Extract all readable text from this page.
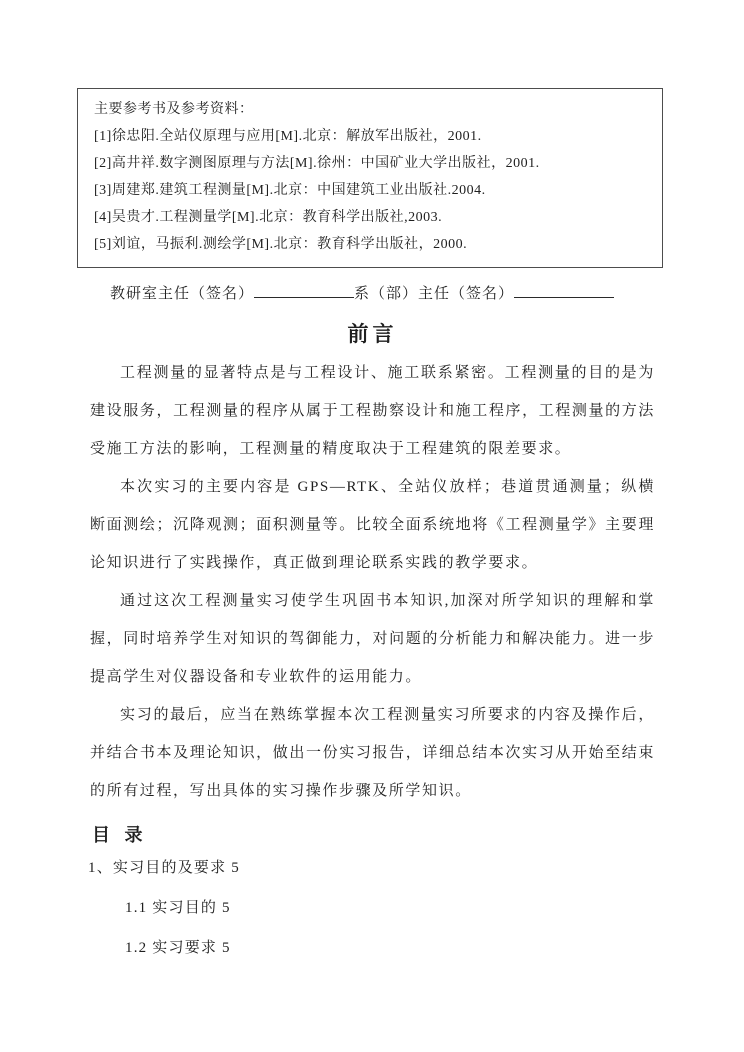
主要参考书及参考资料：
[1]徐忠阳.全站仪原理与应用[M].北京：解放军出版社，2001.
[2]高井祥.数字测图原理与方法[M].徐州：中国矿业大学出版社，2001.
[3]周建郑.建筑工程测量[M].北京：中国建筑工业出版社.2004.
[4]吴贵才.工程测量学[M].北京：教育科学出版社,2003.
[5]刘谊，马振利.测绘学[M].北京：教育科学出版社，2000.
教研室主任（签名）	系（部）主任（签名）
前言

工程测量的显著特点是与工程设计、施工联系紧密。工程测量的目的是为建设服务，工程测量的程序从属于工程勘察设计和施工程序，工程测量的方法受施工方法的影响，工程测量的精度取决于工程建筑的限差要求。

本次实习的主要内容是 GPS—RTK、全站仪放样；巷道贯通测量；纵横断面测绘；沉降观测；面积测量等。比较全面系统地将《工程测量学》主要理论知识进行了实践操作，真正做到理论联系实践的教学要求。

通过这次工程测量实习使学生巩固书本知识,加深对所学知识的理解和掌握，同时培养学生对知识的驾御能力，对问题的分析能力和解决能力。进一步提高学生对仪器设备和专业软件的运用能力。

实习的最后，应当在熟练掌握本次工程测量实习所要求的内容及操作后，并结合书本及理论知识，做出一份实习报告，详细总结本次实习从开始至结束的所有过程，写出具体的实习操作步骤及所学知识。

目 录
1、实习目的及要求 5
1.1 实习目的 5
1.2 实习要求 5
